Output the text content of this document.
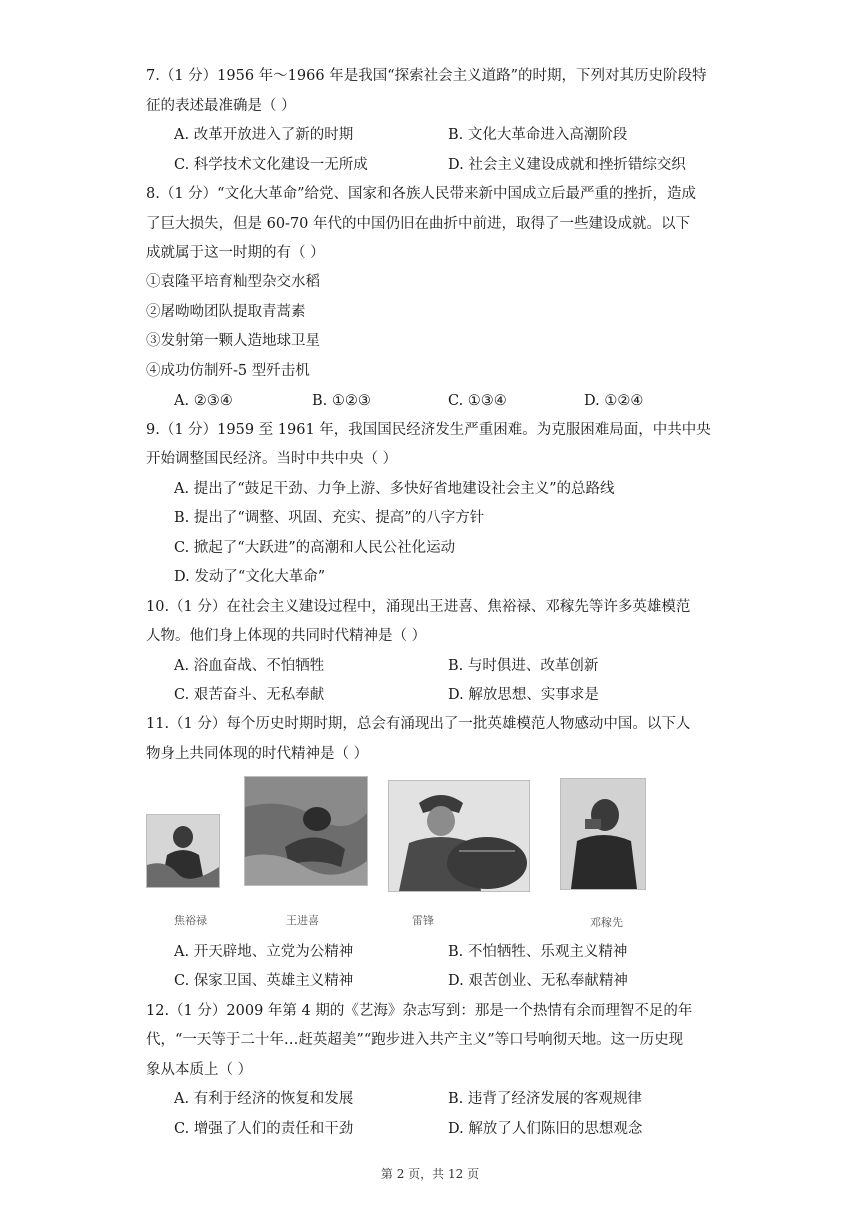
7.（1 分）1956 年～1966 年是我国“探索社会主义道路”的时期，下列对其历史阶段特
征的表述最准确是（ ）
A. 改革开放进入了新的时期	B. 文化大革命进入高潮阶段
C. 科学技术文化建设一无所成	D. 社会主义建设成就和挫折错综交织
8.（1 分）“文化大革命”给党、国家和各族人民带来新中国成立后最严重的挫折，造成
了巨大损失，但是 60-70 年代的中国仍旧在曲折中前进，取得了一些建设成就。以下
成就属于这一时期的有（ ）
①袁隆平培育籼型杂交水稻
②屠呦呦团队提取青蒿素
③发射第一颗人造地球卫星
④成功仿制歼-5 型歼击机
A. ②③④	B. ①②③	C. ①③④	D. ①②④
9.（1 分）1959 至 1961 年，我国国民经济发生严重困难。为克服困难局面，中共中央
开始调整国民经济。当时中共中央（ ）
A. 提出了“鼓足干劲、力争上游、多快好省地建设社会主义”的总路线
B. 提出了“调整、巩固、充实、提高”的八字方针
C. 掀起了“大跃进”的高潮和人民公社化运动
D. 发动了“文化大革命”
10.（1 分）在社会主义建设过程中，涌现出王进喜、焦裕禄、邓稼先等许多英雄模范
人物。他们身上体现的共同时代精神是（ ）
A. 浴血奋战、不怕牺牲	B. 与时俱进、改革创新
C. 艰苦奋斗、无私奉献	D. 解放思想、实事求是
11.（1 分）每个历史时期时期，总会有涌现出了一批英雄模范人物感动中国。以下人
物身上共同体现的时代精神是（ ）
焦裕禄	王进喜	雷锋	邓稼先
A. 开天辟地、立党为公精神	B. 不怕牺牲、乐观主义精神
C. 保家卫国、英雄主义精神	D. 艰苦创业、无私奉献精神
12.（1 分）2009 年第 4 期的《艺海》杂志写到：那是一个热情有余而理智不足的年
代，“一天等于二十年…赶英超美”“跑步进入共产主义”等口号响彻天地。这一历史现
象从本质上（ ）
A. 有利于经济的恢复和发展	B. 违背了经济发展的客观规律
C. 增强了人们的责任和干劲	D. 解放了人们陈旧的思想观念
第 2 页，共 12 页
